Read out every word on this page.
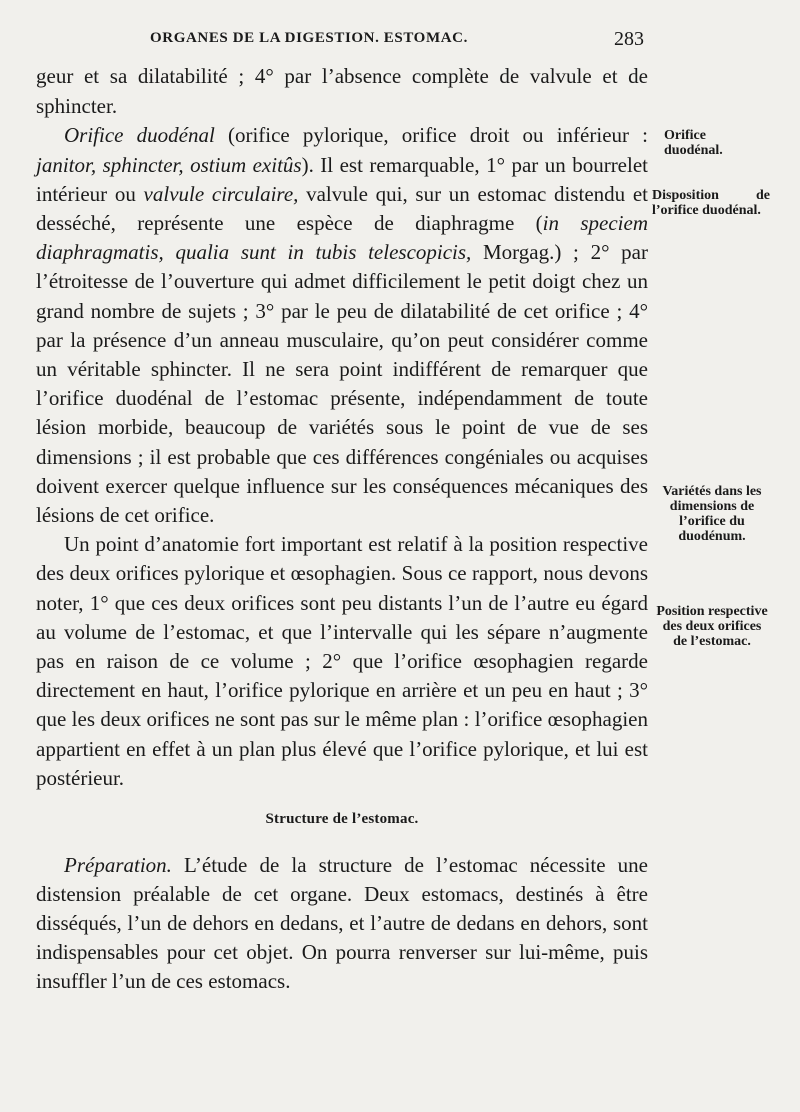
ORGANES DE LA DIGESTION. ESTOMAC.	283

geur et sa dilatabilité ; 4° par l’absence complète de valvule et de sphincter.

Orifice duodénal (orifice pylorique, orifice droit ou inférieur : janitor, sphincter, ostium exitûs). Il est remarquable, 1° par un bourrelet intérieur ou valvule circulaire, valvule qui, sur un estomac distendu et desséché, représente une espèce de diaphragme (in speciem diaphragmatis, qualia sunt in tubis telescopicis, Morgag.) ; 2° par l’étroitesse de l’ouverture qui admet difficilement le petit doigt chez un grand nombre de sujets ; 3° par le peu de dilatabilité de cet orifice ; 4° par la présence d’un anneau musculaire, qu’on peut considérer comme un véritable sphincter. Il ne sera point indifférent de remarquer que l’orifice duodénal de l’estomac présente, indépendamment de toute lésion morbide, beaucoup de variétés sous le point de vue de ses dimensions ; il est probable que ces différences congéniales ou acquises doivent exercer quelque influence sur les conséquences mécaniques des lésions de cet orifice.

Un point d’anatomie fort important est relatif à la position respective des deux orifices pylorique et œsophagien. Sous ce rapport, nous devons noter, 1° que ces deux orifices sont peu distants l’un de l’autre eu égard au volume de l’estomac, et que l’intervalle qui les sépare n’augmente pas en raison de ce volume ; 2° que l’orifice œsophagien regarde directement en haut, l’orifice pylorique en arrière et un peu en haut ; 3° que les deux orifices ne sont pas sur le même plan : l’orifice œsophagien appartient en effet à un plan plus élevé que l’orifice pylorique, et lui est postérieur.

Structure de l’estomac.

Préparation. L’étude de la structure de l’estomac nécessite une distension préalable de cet organe. Deux estomacs, destinés à être disséqués, l’un de dehors en dedans, et l’autre de dedans en dehors, sont indispensables pour cet objet. On pourra renverser sur lui-même, puis insuffler l’un de ces estomacs.

Orifice duodénal.
Disposition de l’orifice duodénal.
Variétés dans les dimensions de l’orifice du duodénum.
Position respective des deux orifices de l’estomac.
